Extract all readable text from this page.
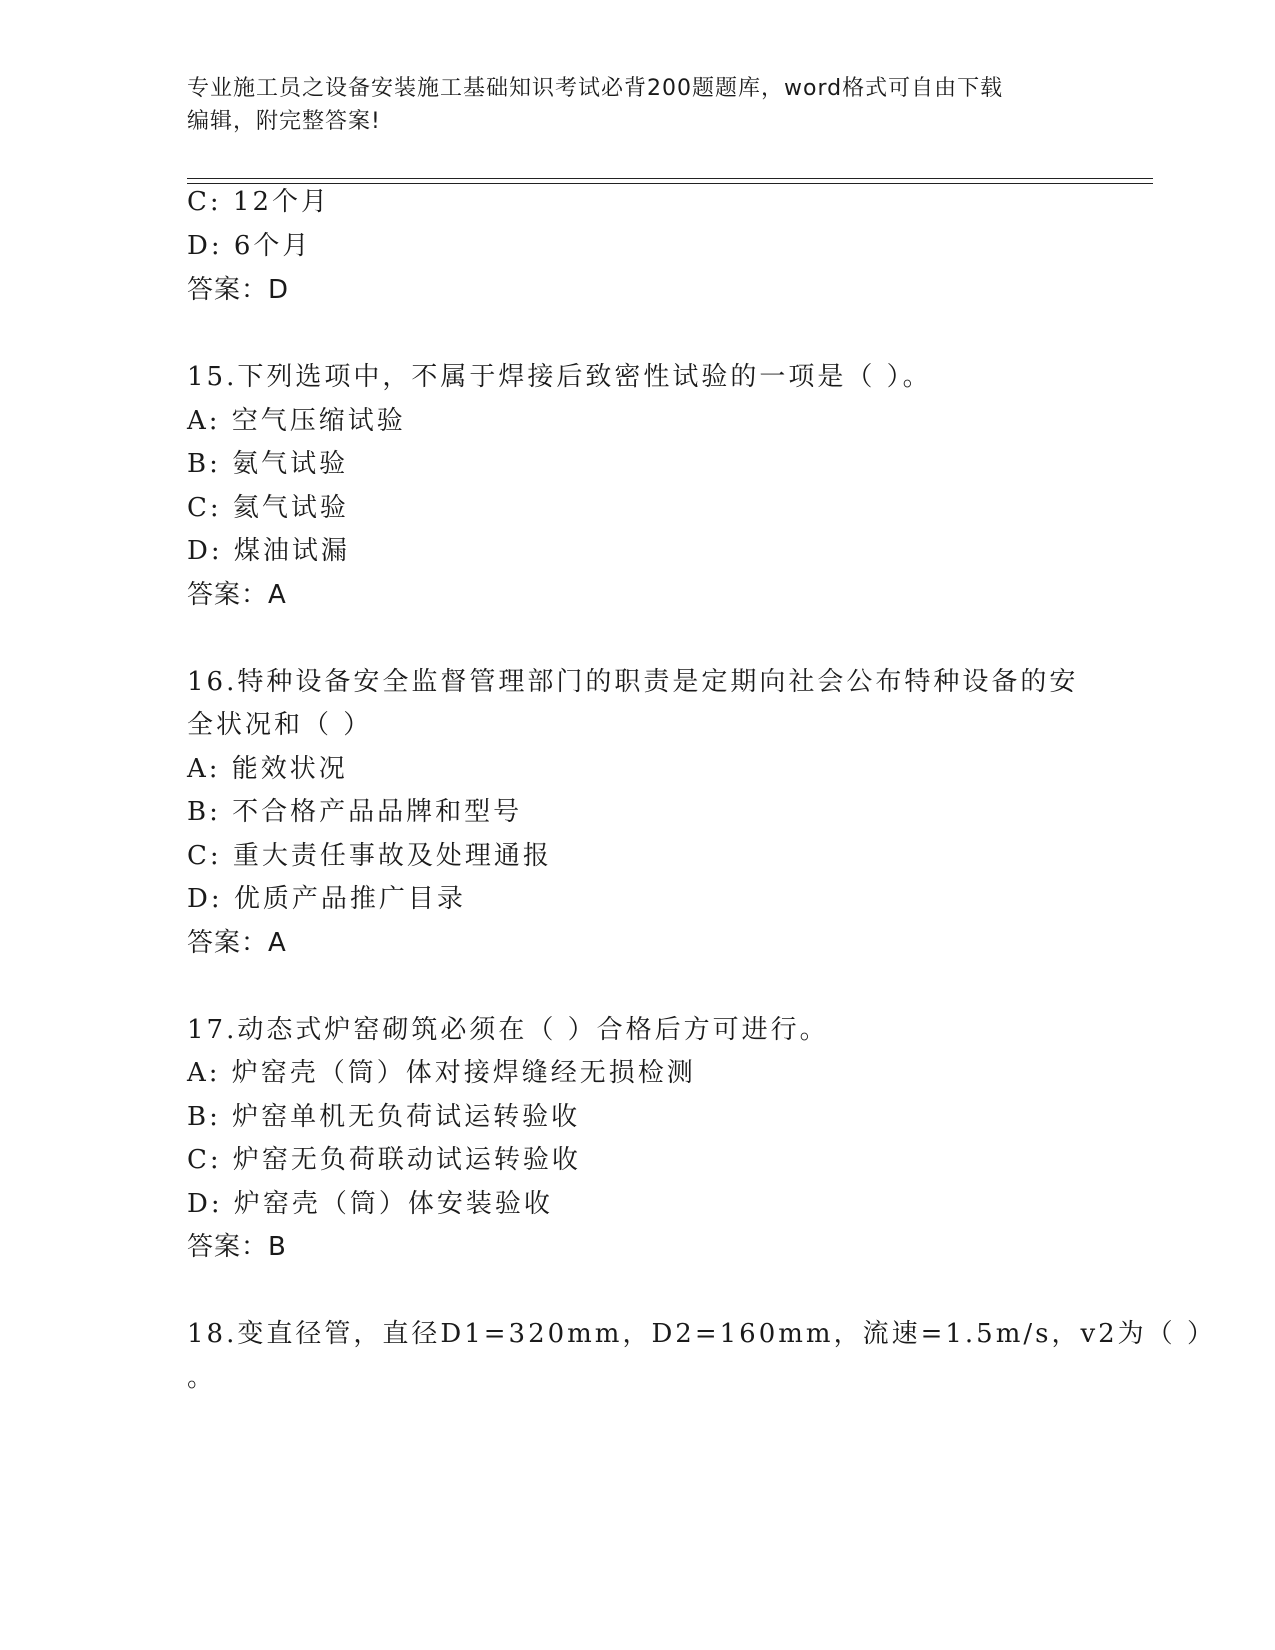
专业施工员之设备安装施工基础知识考试必背200题题库，word格式可自由下载
编辑，附完整答案!
C: 12个月
D: 6个月
答案：D
15.下列选项中，不属于焊接后致密性试验的一项是（ ）。
A: 空气压缩试验
B: 氨气试验
C: 氦气试验
D: 煤油试漏
答案：A
16.特种设备安全监督管理部门的职责是定期向社会公布特种设备的安
全状况和（ ）
A: 能效状况
B: 不合格产品品牌和型号
C: 重大责任事故及处理通报
D: 优质产品推广目录
答案：A
17.动态式炉窑砌筑必须在（ ）合格后方可进行。
A: 炉窑壳（筒）体对接焊缝经无损检测
B: 炉窑单机无负荷试运转验收
C: 炉窑无负荷联动试运转验收
D: 炉窑壳（筒）体安装验收
答案：B
18.变直径管，直径D1=320mm，D2=160mm，流速=1.5m/s，v2为（ ）
。
